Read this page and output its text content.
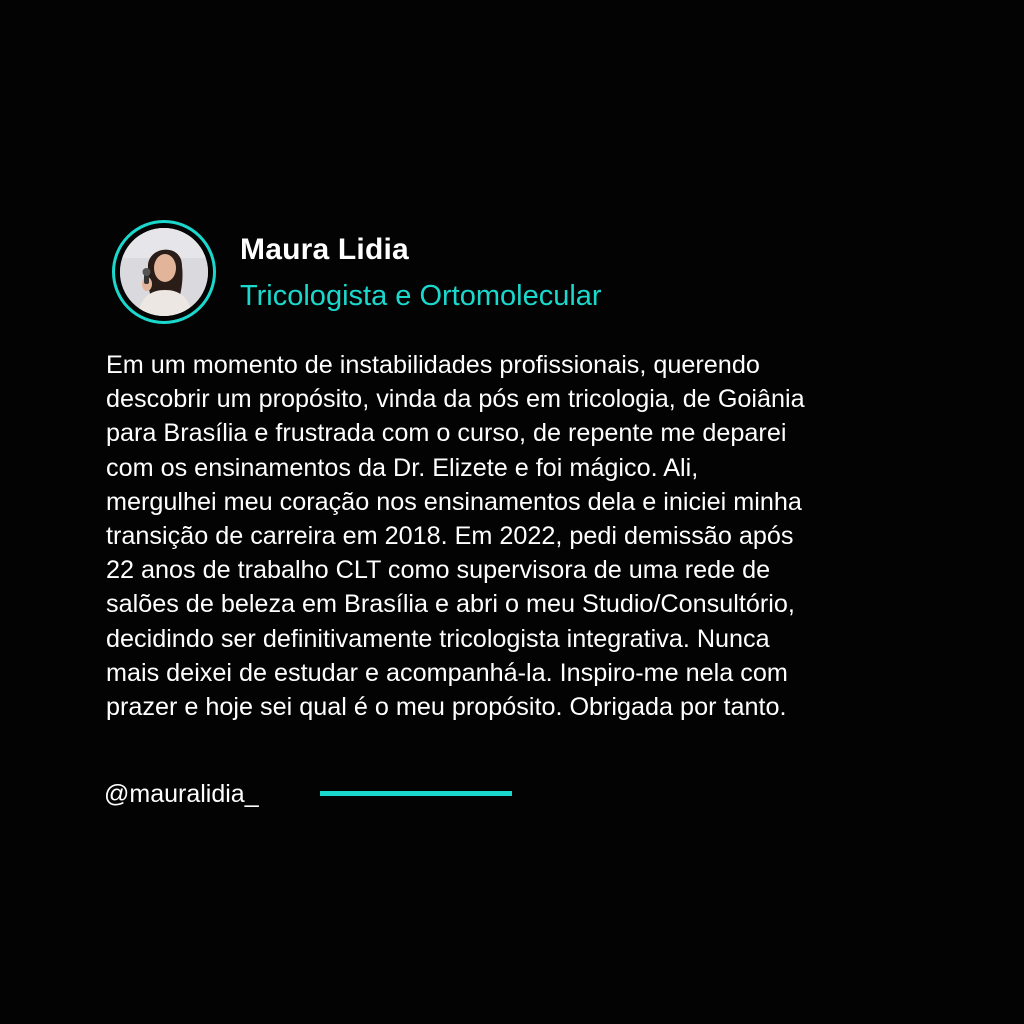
Maura Lidia
Tricologista e Ortomolecular

Em um momento de instabilidades profissionais, querendo
descobrir um propósito, vinda da pós em tricologia, de Goiânia
para Brasília e frustrada com o curso, de repente me deparei
com os ensinamentos da Dr. Elizete e foi mágico. Ali,
mergulhei meu coração nos ensinamentos dela e iniciei minha
transição de carreira em 2018. Em 2022, pedi demissão após
22 anos de trabalho CLT como supervisora de uma rede de
salões de beleza em Brasília e abri o meu Studio/Consultório,
decidindo ser definitivamente tricologista integrativa. Nunca
mais deixei de estudar e acompanhá-la. Inspiro-me nela com
prazer e hoje sei qual é o meu propósito. Obrigada por tanto.

@mauralidia_
